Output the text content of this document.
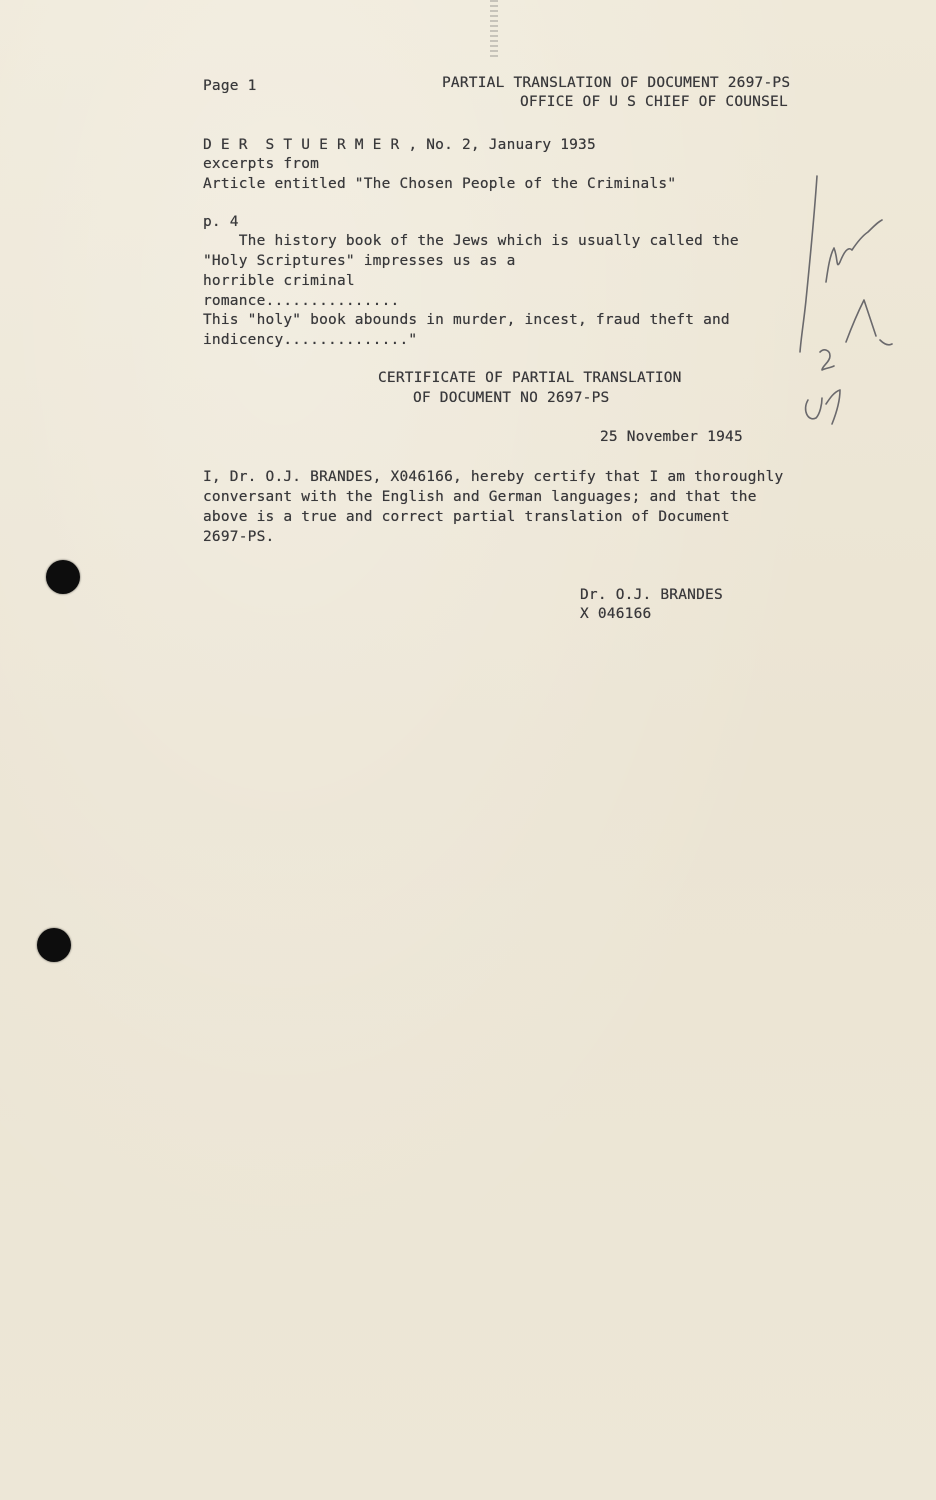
Page 1	PARTIAL TRANSLATION OF DOCUMENT 2697-PS
OFFICE OF U S CHIEF OF COUNSEL
D E R  S T U E R M E R , No. 2, January 1935
excerpts from
Article entitled "The Chosen People of the Criminals"
p. 4
The history book of the Jews which is usually called the
"Holy Scriptures" impresses us as a
horrible criminal
romance...............
This "holy" book abounds in murder, incest, fraud theft and
indicency.............."
CERTIFICATE OF PARTIAL TRANSLATION
OF DOCUMENT NO 2697-PS
25 November 1945
I, Dr. O.J. BRANDES, X046166, hereby certify that I am thoroughly
conversant with the English and German languages; and that the
above is a true and correct partial translation of Document
2697-PS.
Dr. O.J. BRANDES
X 046166
